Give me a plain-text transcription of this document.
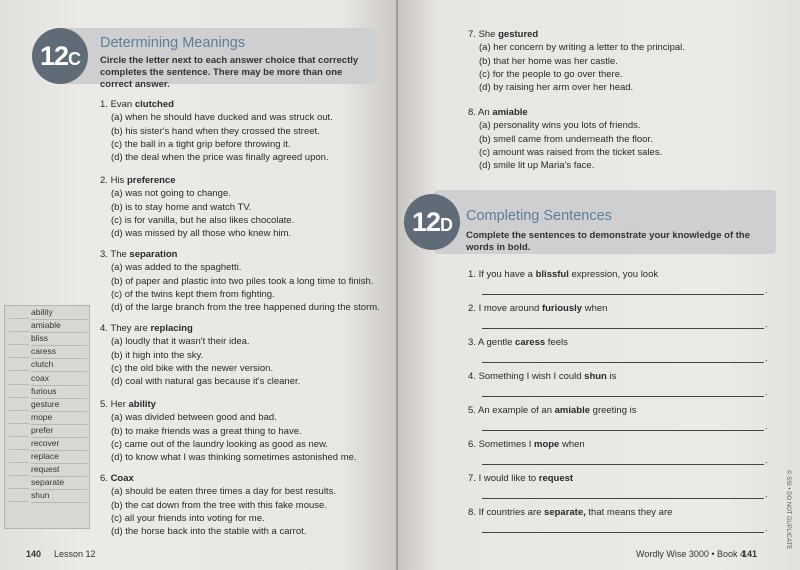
12C
Determining Meanings
Circle the letter next to each answer choice that correctly completes the sentence. There may be more than one correct answer.

1. Evan clutched

(a) when he should have ducked and was struck out.

(b) his sister's hand when they crossed the street.

(c) the ball in a tight grip before throwing it.

(d) the deal when the price was finally agreed upon.

2. His preference

(a) was not going to change.

(b) is to stay home and watch TV.

(c) is for vanilla, but he also likes chocolate.

(d) was missed by all those who knew him.

3. The separation

(a) was added to the spaghetti.

(b) of paper and plastic into two piles took a long time to finish.

(c) of the twins kept them from fighting.

(d) of the large branch from the tree happened during the storm.

4. They are replacing

(a) loudly that it wasn't their idea.

(b) it high into the sky.

(c) the old bike with the newer version.

(d) coal with natural gas because it's cleaner.

5. Her ability

(a) was divided between good and bad.

(b) to make friends was a great thing to have.

(c) came out of the laundry looking as good as new.

(d) to know what I was thinking sometimes astonished me.

6. Coax

(a) should be eaten three times a day for best results.

(b) the cat down from the tree with this fake mouse.

(c) all your friends into voting for me.

(d) the horse back into the stable with a carrot.

ability
amiable
bliss
caress
clutch
coax
furious
gesture
mope
prefer
recover
replace
request
separate
shun
140 Lesson 12

7. She gestured

(a) her concern by writing a letter to the principal.

(b) that her home was her castle.

(c) for the people to go over there.

(d) by raising her arm over her head.

8. An amiable

(a) personality wins you lots of friends.

(b) smell came from underneath the floor.

(c) amount was raised from the ticket sales.

(d) smile lit up Maria's face.

12D Completing Sentences
Complete the sentences to demonstrate your knowledge of the words in bold.
1. If you have a blissful expression, you look
.
2. I move around furiously when
.
3. A gentle caress feels
.
4. Something I wish I could shun is
.
5. An example of an amiable greeting is
.
6. Sometimes I mope when
.
7. I would like to request
.
8. If countries are separate, that means they are
.
Wordly Wise 3000 • Book 4
141
© SSI • DO NOT DUPLICATE
